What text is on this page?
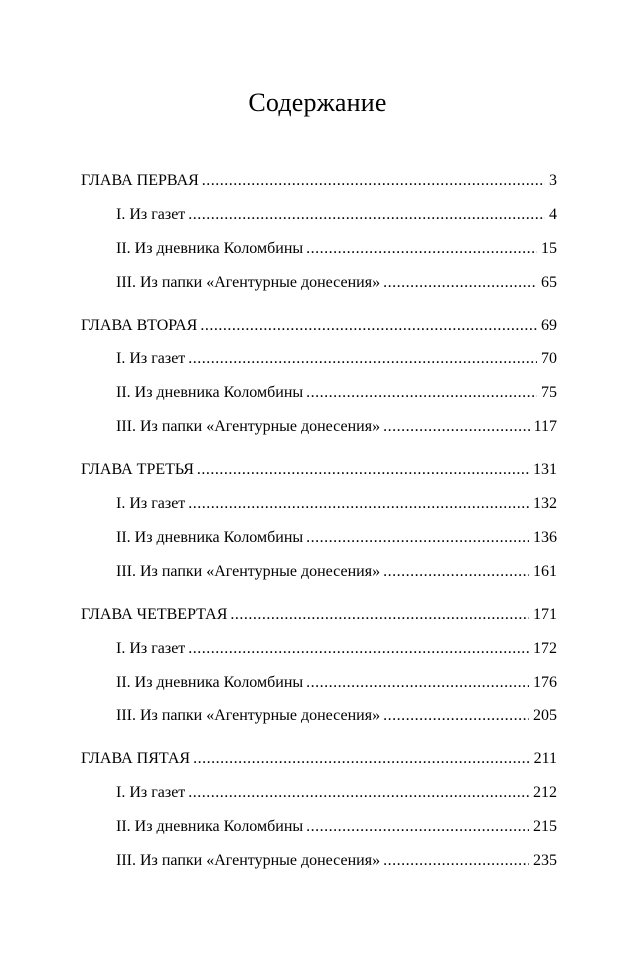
Содержание
ГЛАВА ПЕРВАЯ .....	3
I. Из газет .....	4
II. Из дневника Коломбины .....	15
III. Из папки «Агентурные донесения» .....	65
ГЛАВА ВТОРАЯ .....	69
I. Из газет .....	70
II. Из дневника Коломбины .....	75
III. Из папки «Агентурные донесения» .....	117
ГЛАВА ТРЕТЬЯ .....	131
I. Из газет .....	132
II. Из дневника Коломбины .....	136
III. Из папки «Агентурные донесения» .....	161
ГЛАВА ЧЕТВЕРТАЯ .....	171
I. Из газет .....	172
II. Из дневника Коломбины .....	176
III. Из папки «Агентурные донесения» .....	205
ГЛАВА ПЯТАЯ .....	211
I. Из газет .....	212
II. Из дневника Коломбины .....	215
III. Из папки «Агентурные донесения» .....	235
